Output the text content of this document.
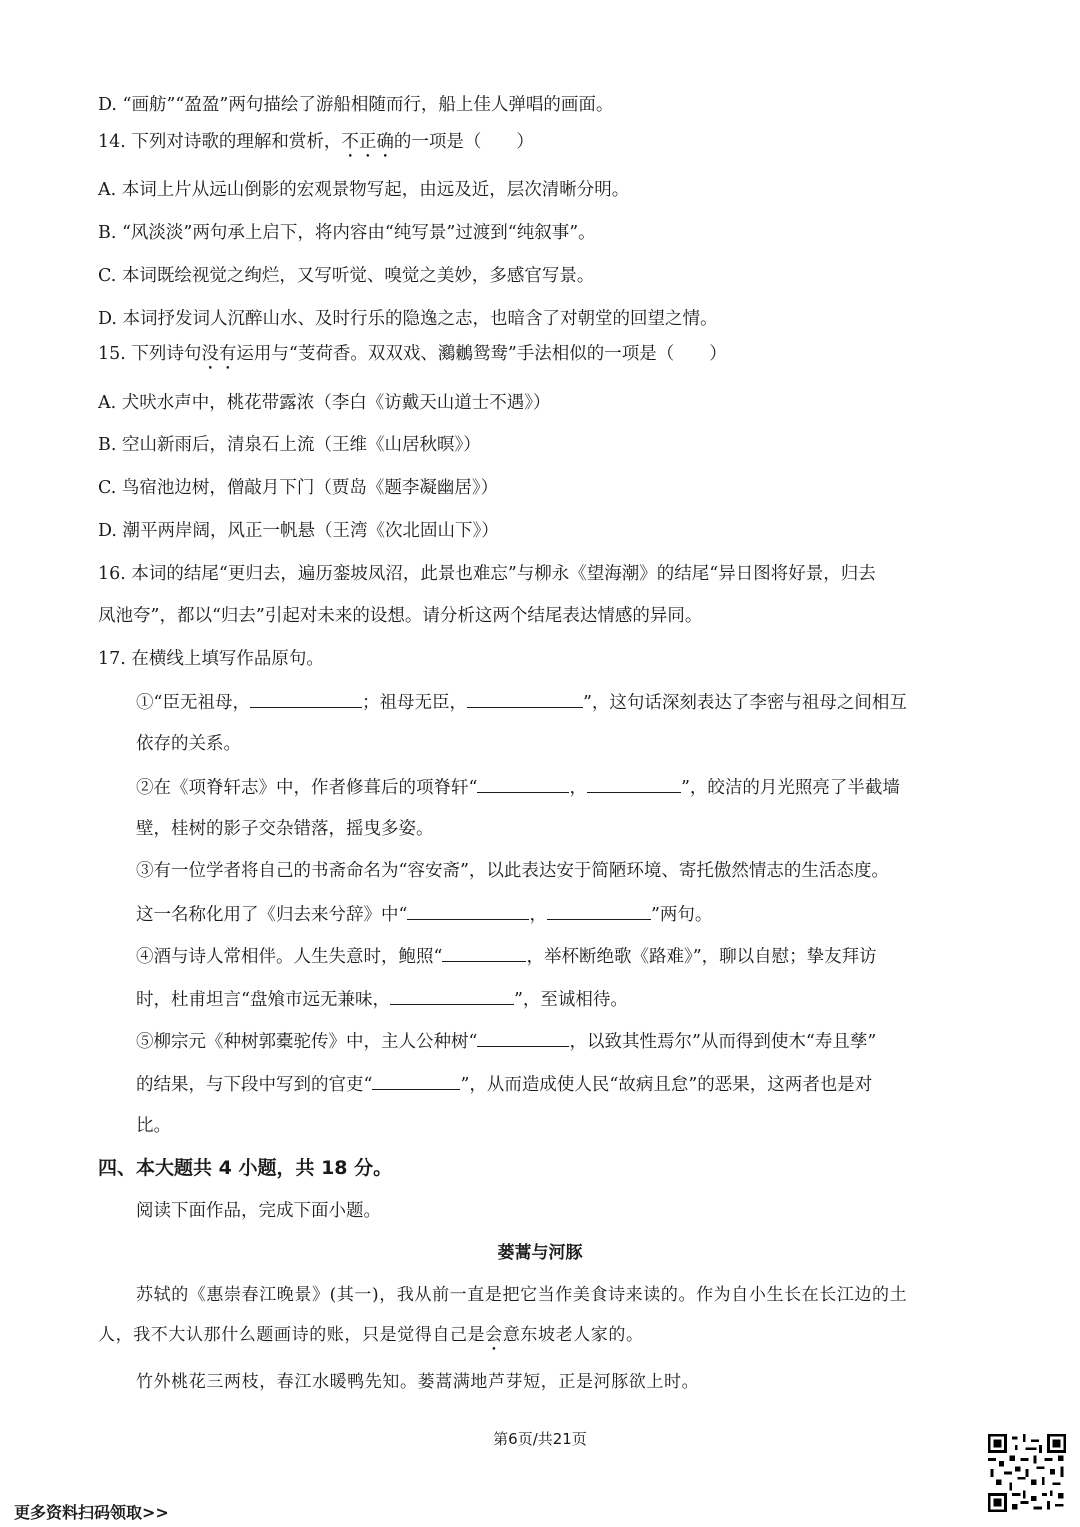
D. “画舫”“盈盈”两句描绘了游船相随而行，船上佳人弹唱的画面。
14. 下列对诗歌的理解和赏析，不正确的一项是（　　）
A. 本词上片从远山倒影的宏观景物写起，由远及近，层次清晰分明。
B. “风淡淡”两句承上启下，将内容由“纯写景”过渡到“纯叙事”。
C. 本词既绘视觉之绚烂，又写听觉、嗅觉之美妙，多感官写景。
D. 本词抒发词人沉醉山水、及时行乐的隐逸之志，也暗含了对朝堂的回望之情。
15. 下列诗句没有运用与“芰荷香。双双戏、鸂鶒鸳鸯”手法相似的一项是（　　）
A. 犬吠水声中，桃花带露浓（李白《访戴天山道士不遇》）
B. 空山新雨后，清泉石上流（王维《山居秋暝》）
C. 鸟宿池边树，僧敲月下门（贾岛《题李凝幽居》）
D. 潮平两岸阔，风正一帆悬（王湾《次北固山下》）
16. 本词的结尾“更归去，遍历銮坡凤沼，此景也难忘”与柳永《望海潮》的结尾“异日图将好景，归去
凤池夸”，都以“归去”引起对未来的设想。请分析这两个结尾表达情感的异同。
17. 在横线上填写作品原句。
①“臣无祖母，	；祖母无臣，	”，这句话深刻表达了李密与祖母之间相互
依存的关系。
②在《项脊轩志》中，作者修葺后的项脊轩“	，	”，皎洁的月光照亮了半截墙
壁，桂树的影子交杂错落，摇曳多姿。
③有一位学者将自己的书斋命名为“容安斋”，以此表达安于简陋环境、寄托傲然情志的生活态度。
这一名称化用了《归去来兮辞》中“	，	”两句。
④酒与诗人常相伴。人生失意时，鲍照“	，举杯断绝歌《路难》”，聊以自慰；挚友拜访
时，杜甫坦言“盘飧市远无兼味，	”，至诚相待。
⑤柳宗元《种树郭橐驼传》中，主人公种树“	，以致其性焉尔”从而得到使木“寿且孳”
的结果，与下段中写到的官吏“	”，从而造成使人民“故病且怠”的恶果，这两者也是对
比。
四、本大题共 4 小题，共 18 分。
阅读下面作品，完成下面小题。
蒌蒿与河豚
苏轼的《惠崇春江晚景》(其一)，我从前一直是把它当作美食诗来读的。作为自小生长在长江边的土
人，我不大认那什么题画诗的账，只是觉得自己是会意东坡老人家的。
竹外桃花三两枝，春江水暖鸭先知。蒌蒿满地芦芽短，正是河豚欲上时。
第6页/共21页
更多资料扫码领取>>
